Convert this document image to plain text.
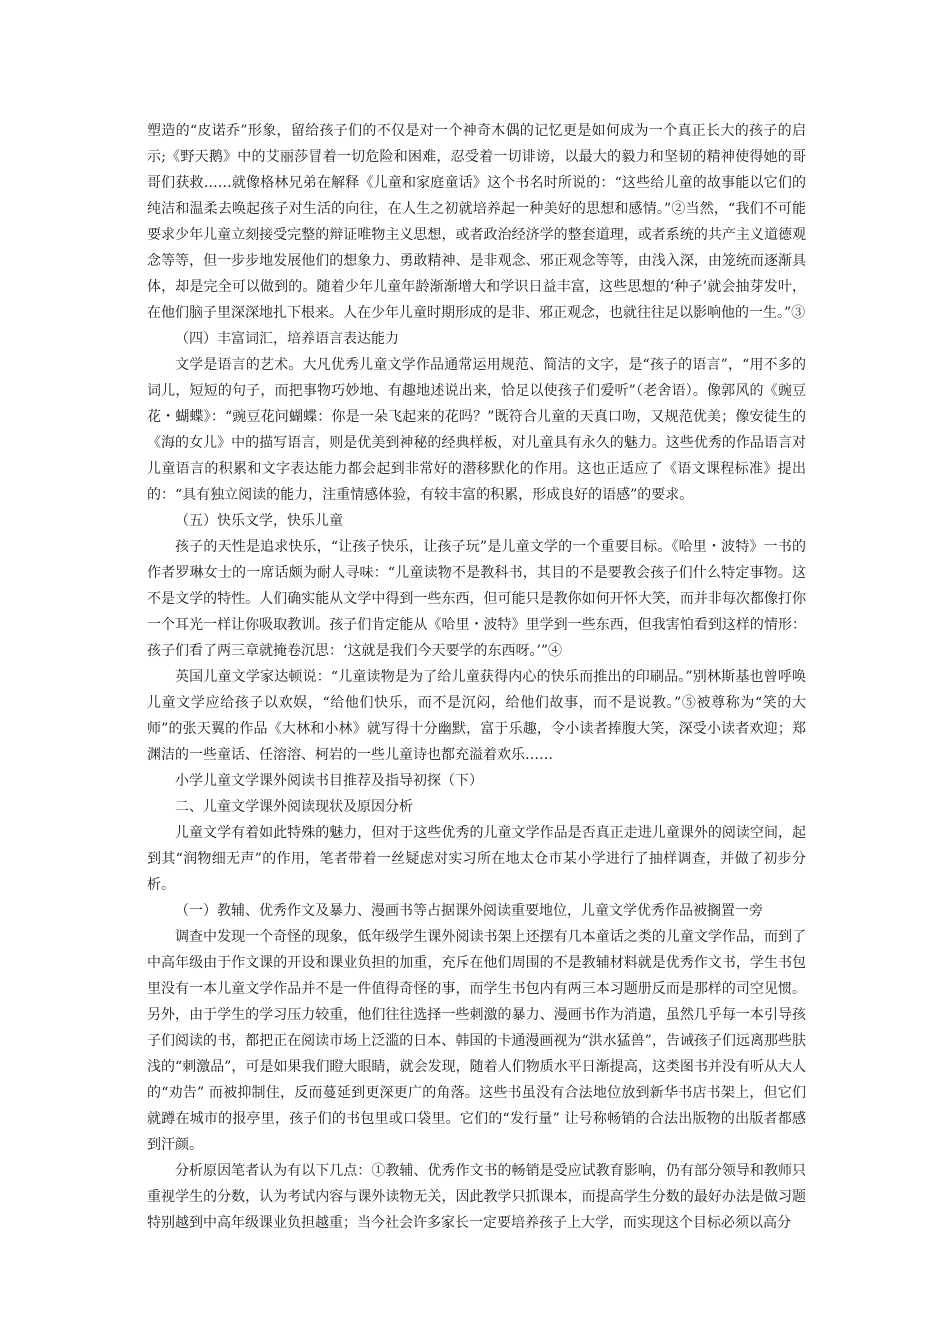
塑造的“皮诺乔”形象，留给孩子们的不仅是对一个神奇木偶的记忆更是如何成为一个真正长大的孩子的启示;《野天鹅》中的艾丽莎冒着一切危险和困难，忍受着一切诽谤，以最大的毅力和坚韧的精神使得她的哥哥们获救……就像格林兄弟在解释《儿童和家庭童话》这个书名时所说的：“这些给儿童的故事能以它们的纯洁和温柔去唤起孩子对生活的向往，在人生之初就培养起一种美好的思想和感情。”②当然，“我们不可能要求少年儿童立刻接受完整的辩证唯物主义思想，或者政治经济学的整套道理，或者系统的共产主义道德观念等等，但一步步地发展他们的想象力、勇敢精神、是非观念、邪正观念等等，由浅入深，由笼统而逐渐具体，却是完全可以做到的。随着少年儿童年龄渐渐增大和学识日益丰富，这些思想的‘种子’就会抽芽发叶，在他们脑子里深深地扎下根来。人在少年儿童时期形成的是非、邪正观念，也就往往足以影响他的一生。”③

（四）丰富词汇，培养语言表达能力

文学是语言的艺术。大凡优秀儿童文学作品通常运用规范、简洁的文字，是“孩子的语言”，“用不多的词儿，短短的句子，而把事物巧妙地、有趣地述说出来，恰足以使孩子们爱听”（老舍语）。像郭风的《豌豆花・蝴蝶》：“豌豆花问蝴蝶：你是一朵飞起来的花吗？”既符合儿童的天真口吻，又规范优美；像安徒生的《海的女儿》中的描写语言，则是优美到神秘的经典样板，对儿童具有永久的魅力。这些优秀的作品语言对儿童语言的积累和文字表达能力都会起到非常好的潜移默化的作用。这也正适应了《语文课程标准》提出的：“具有独立阅读的能力，注重情感体验，有较丰富的积累，形成良好的语感”的要求。

（五）快乐文学，快乐儿童

孩子的天性是追求快乐，“让孩子快乐，让孩子玩”是儿童文学的一个重要目标。《哈里・波特》一书的作者罗琳女士的一席话颇为耐人寻味：“儿童读物不是教科书，其目的不是要教会孩子们什么特定事物。这不是文学的特性。人们确实能从文学中得到一些东西，但可能只是教你如何开怀大笑，而并非每次都像打你一个耳光一样让你吸取教训。孩子们肯定能从《哈里・波特》里学到一些东西，但我害怕看到这样的情形：孩子们看了两三章就掩卷沉思：‘这就是我们今天要学的东西呀。’”④

英国儿童文学家达顿说：“儿童读物是为了给儿童获得内心的快乐而推出的印刷品。”别林斯基也曾呼唤儿童文学应给孩子以欢娱，“给他们快乐，而不是沉闷，给他们故事，而不是说教。”⑤被尊称为“笑的大师”的张天翼的作品《大林和小林》就写得十分幽默，富于乐趣，令小读者捧腹大笑，深受小读者欢迎；郑渊洁的一些童话、任溶溶、柯岩的一些儿童诗也都充溢着欢乐……

小学儿童文学课外阅读书目推荐及指导初探（下）

二、儿童文学课外阅读现状及原因分析

儿童文学有着如此特殊的魅力，但对于这些优秀的儿童文学作品是否真正走进儿童课外的阅读空间，起到其“润物细无声”的作用，笔者带着一丝疑虑对实习所在地太仓市某小学进行了抽样调查，并做了初步分析。

（一）教辅、优秀作文及暴力、漫画书等占据课外阅读重要地位，儿童文学优秀作品被搁置一旁

调查中发现一个奇怪的现象，低年级学生课外阅读书架上还摆有几本童话之类的儿童文学作品，而到了中高年级由于作文课的开设和课业负担的加重，充斥在他们周围的不是教辅材料就是优秀作文书，学生书包里没有一本儿童文学作品并不是一件值得奇怪的事，而学生书包内有两三本习题册反而是那样的司空见惯。另外，由于学生的学习压力较重，他们往往选择一些刺激的暴力、漫画书作为消遣，虽然几乎每一本引导孩子们阅读的书，都把正在阅读市场上泛滥的日本、韩国的卡通漫画视为“洪水猛兽”，告诫孩子们远离那些肤浅的“刺激品”，可是如果我们瞪大眼睛，就会发现，随着人们物质水平日渐提高，这类图书并没有听从大人的“劝告” 而被抑制住，反而蔓延到更深更广的角落。这些书虽没有合法地位放到新华书店书架上，但它们就蹲在城市的报亭里，孩子们的书包里或口袋里。它们的“发行量” 让号称畅销的合法出版物的出版者都感到汗颜。

分析原因笔者认为有以下几点：①教辅、优秀作文书的畅销是受应试教育影响，仍有部分领导和教师只重视学生的分数，认为考试内容与课外读物无关，因此教学只抓课本，而提高学生分数的最好办法是做习题特别越到中高年级课业负担越重；当今社会许多家长一定要培养孩子上大学，而实现这个目标必须以高分
